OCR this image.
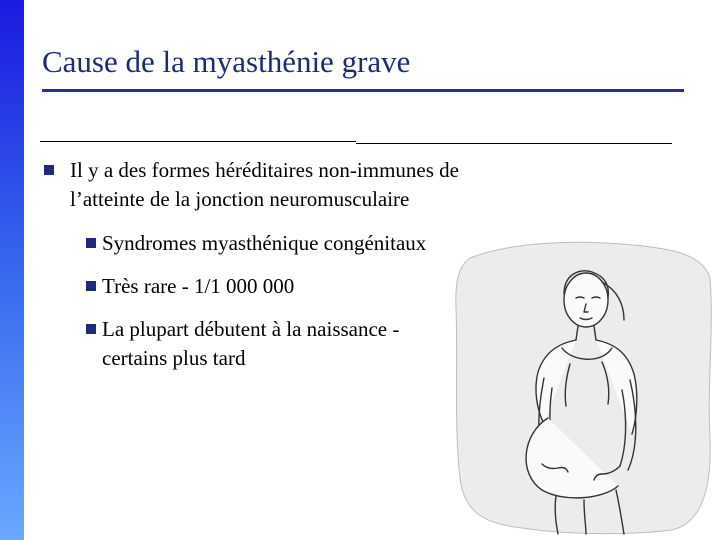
Cause de la myasthénie grave
Il y a des formes héréditaires non-immunes de l’atteinte de la jonction neuromusculaire
Syndromes myasthénique congénitaux
Très rare - 1/1 000 000
La plupart débutent à la naissance - certains plus tard
